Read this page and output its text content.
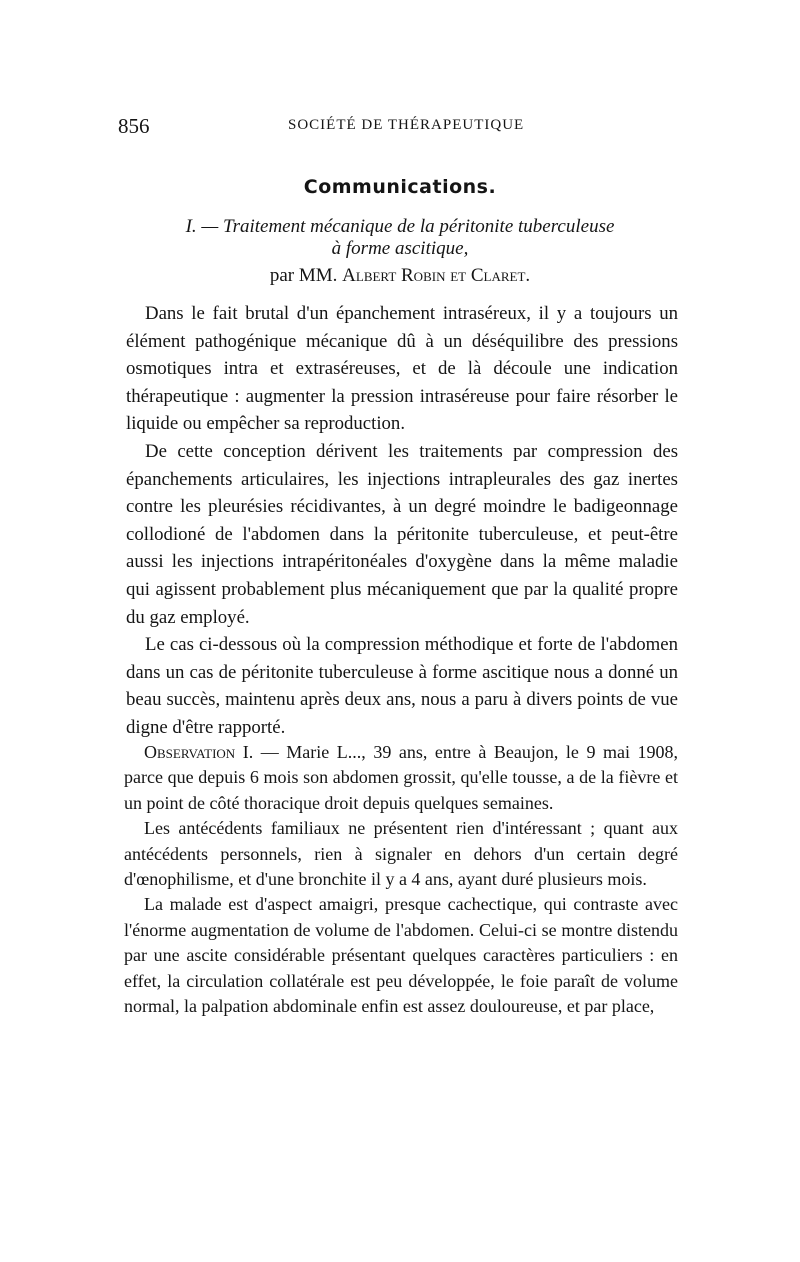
856	SOCIÉTÉ DE THÉRAPEUTIQUE
Communications.
I. — Traitement mécanique de la péritonite tuberculeuse
à forme ascitique,
par MM. Albert Robin et Claret.

Dans le fait brutal d'un épanchement intraséreux, il y a toujours un élément pathogénique mécanique dû à un déséquilibre des pressions osmotiques intra et extraséreuses, et de là découle une indication thérapeutique : augmenter la pression intraséreuse pour faire résorber le liquide ou empêcher sa reproduction.

De cette conception dérivent les traitements par compression des épanchements articulaires, les injections intrapleurales des gaz inertes contre les pleurésies récidivantes, à un degré moindre le badigeonnage collodioné de l'abdomen dans la péritonite tuberculeuse, et peut-être aussi les injections intrapéritonéales d'oxygène dans la même maladie qui agissent probablement plus mécaniquement que par la qualité propre du gaz employé.

Le cas ci-dessous où la compression méthodique et forte de l'abdomen dans un cas de péritonite tuberculeuse à forme ascitique nous a donné un beau succès, maintenu après deux ans, nous a paru à divers points de vue digne d'être rapporté.

Observation I. — Marie L..., 39 ans, entre à Beaujon, le 9 mai 1908, parce que depuis 6 mois son abdomen grossit, qu'elle tousse, a de la fièvre et un point de côté thoracique droit depuis quelques semaines.

Les antécédents familiaux ne présentent rien d'intéressant ; quant aux antécédents personnels, rien à signaler en dehors d'un certain degré d'œnophilisme, et d'une bronchite il y a 4 ans, ayant duré plusieurs mois.

La malade est d'aspect amaigri, presque cachectique, qui contraste avec l'énorme augmentation de volume de l'abdomen. Celui-ci se montre distendu par une ascite considérable présentant quelques caractères particuliers : en effet, la circulation collatérale est peu développée, le foie paraît de volume normal, la palpation abdominale enfin est assez douloureuse, et par place,
